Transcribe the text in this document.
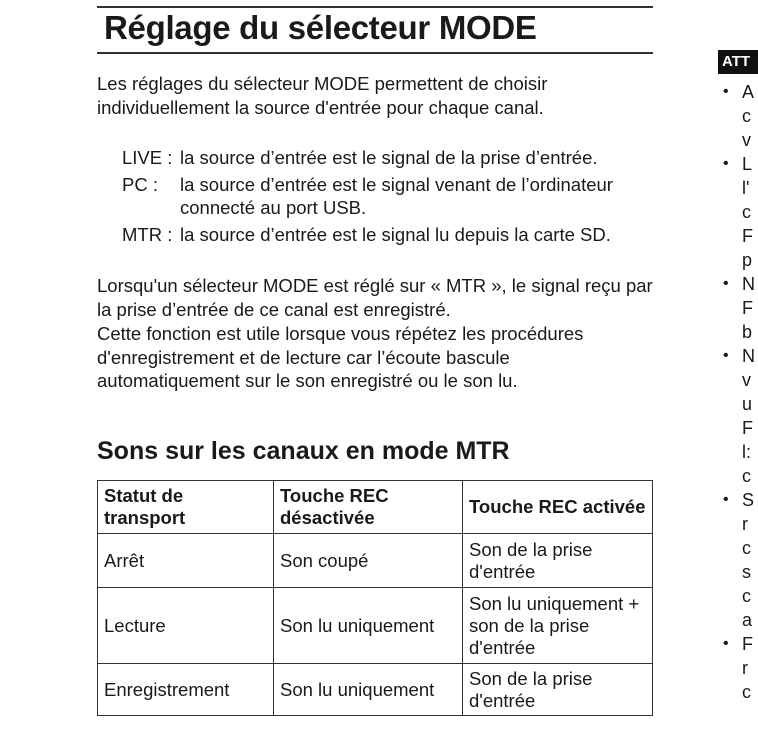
Réglage du sélecteur MODE

Les réglages du sélecteur MODE permettent de choisir individuellement la source d'entrée pour chaque canal.

LIVE : la source d’entrée est le signal de la prise d’entrée.
PC :	la source d’entrée est le signal venant de l’ordinateur connecté au port USB.
MTR : la source d’entrée est le signal lu depuis la carte SD.

Lorsqu'un sélecteur MODE est réglé sur « MTR », le signal reçu par la prise d’entrée de ce canal est enregistré.

Cette fonction est utile lorsque vous répétez les procédures d'enregistrement et de lecture car l’écoute bascule automatiquement sur le son enregistré ou le son lu.

Sons sur les canaux en mode MTR
Statut de transport	Touche REC désactivée	Touche REC activée
Arrêt	Son coupé	Son de la prise d'entrée
Lecture	Son lu uniquement	Son lu uniquement + son de la prise d'entrée
Enregistrement	Son lu uniquement	Son de la prise d'entrée
ATT
• A
c
v
• L
l'
c
F
p
• N
F
b
• N
v
u
F
l:
c
• S
r
c
s
c
a
• F
r
c
